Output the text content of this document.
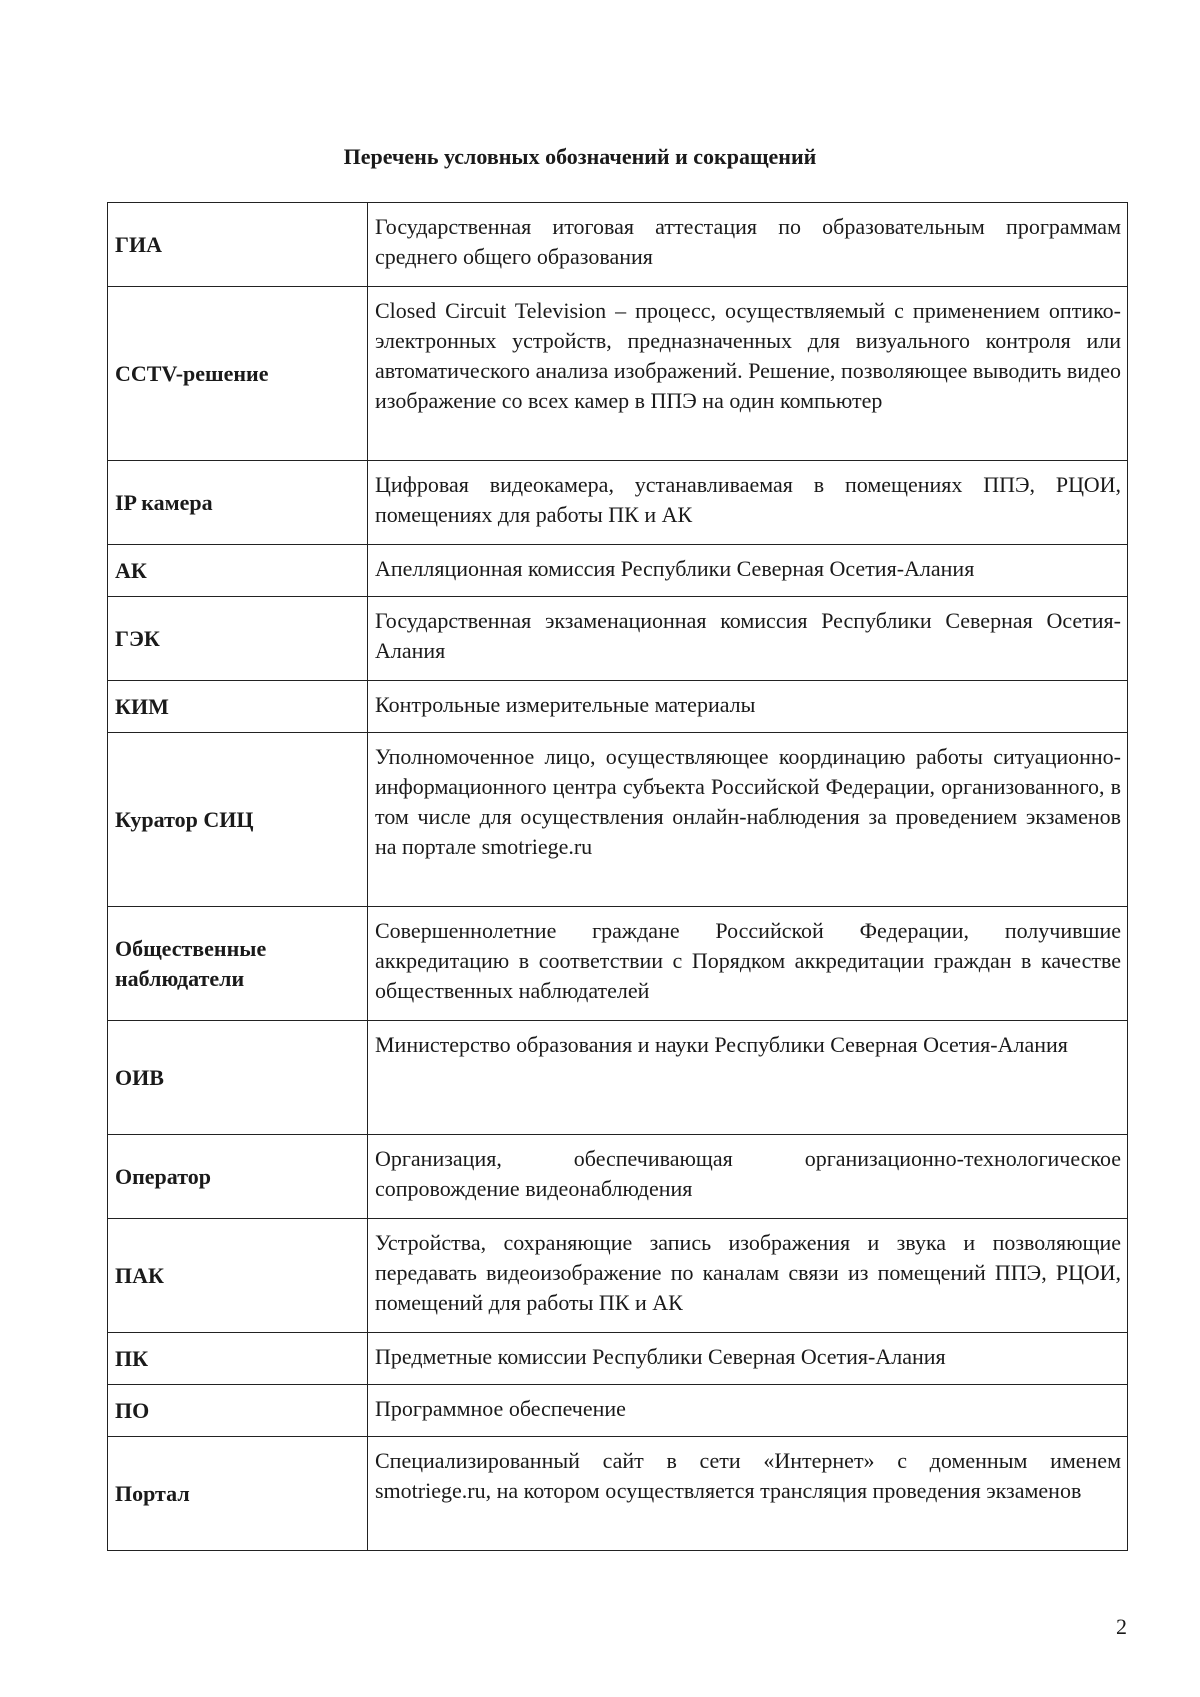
Перечень условных обозначений и сокращений
ГИА	Государственная итоговая аттестация по образовательным программам среднего общего образования
CCTV-решение	Closed Circuit Television – процесс, осуществляемый с применением оптико-электронных устройств, предназначенных для визуального контроля или автоматического анализа изображений. Решение, позволяющее выводить видео изображение со всех камер в ППЭ на один компьютер
IP камера	Цифровая видеокамера, устанавливаемая в помещениях ППЭ, РЦОИ, помещениях для работы ПК и АК
АК	Апелляционная комиссия Республики Северная Осетия-Алания
ГЭК	Государственная экзаменационная комиссия Республики Северная Осетия-Алания
КИМ	Контрольные измерительные материалы
Куратор СИЦ	Уполномоченное лицо, осуществляющее координацию работы ситуационно-информационного центра субъекта Российской Федерации, организованного, в том числе для осуществления онлайн-наблюдения за проведением экзаменов на портале smotriege.ru
Общественные наблюдатели	Совершеннолетние граждане Российской Федерации, получившие аккредитацию в соответствии с Порядком аккредитации граждан в качестве общественных наблюдателей
ОИВ	Министерство образования и науки Республики Северная Осетия-Алания
Оператор	Организация, обеспечивающая организационно-технологическое сопровождение видеонаблюдения
ПАК	Устройства, сохраняющие запись изображения и звука и позволяющие передавать видеоизображение по каналам связи из помещений ППЭ, РЦОИ, помещений для работы ПК и АК
ПК	Предметные комиссии Республики Северная Осетия-Алания
ПО	Программное обеспечение
Портал	Специализированный сайт в сети «Интернет» с доменным именем smotriege.ru, на котором осуществляется трансляция проведения экзаменов
2
